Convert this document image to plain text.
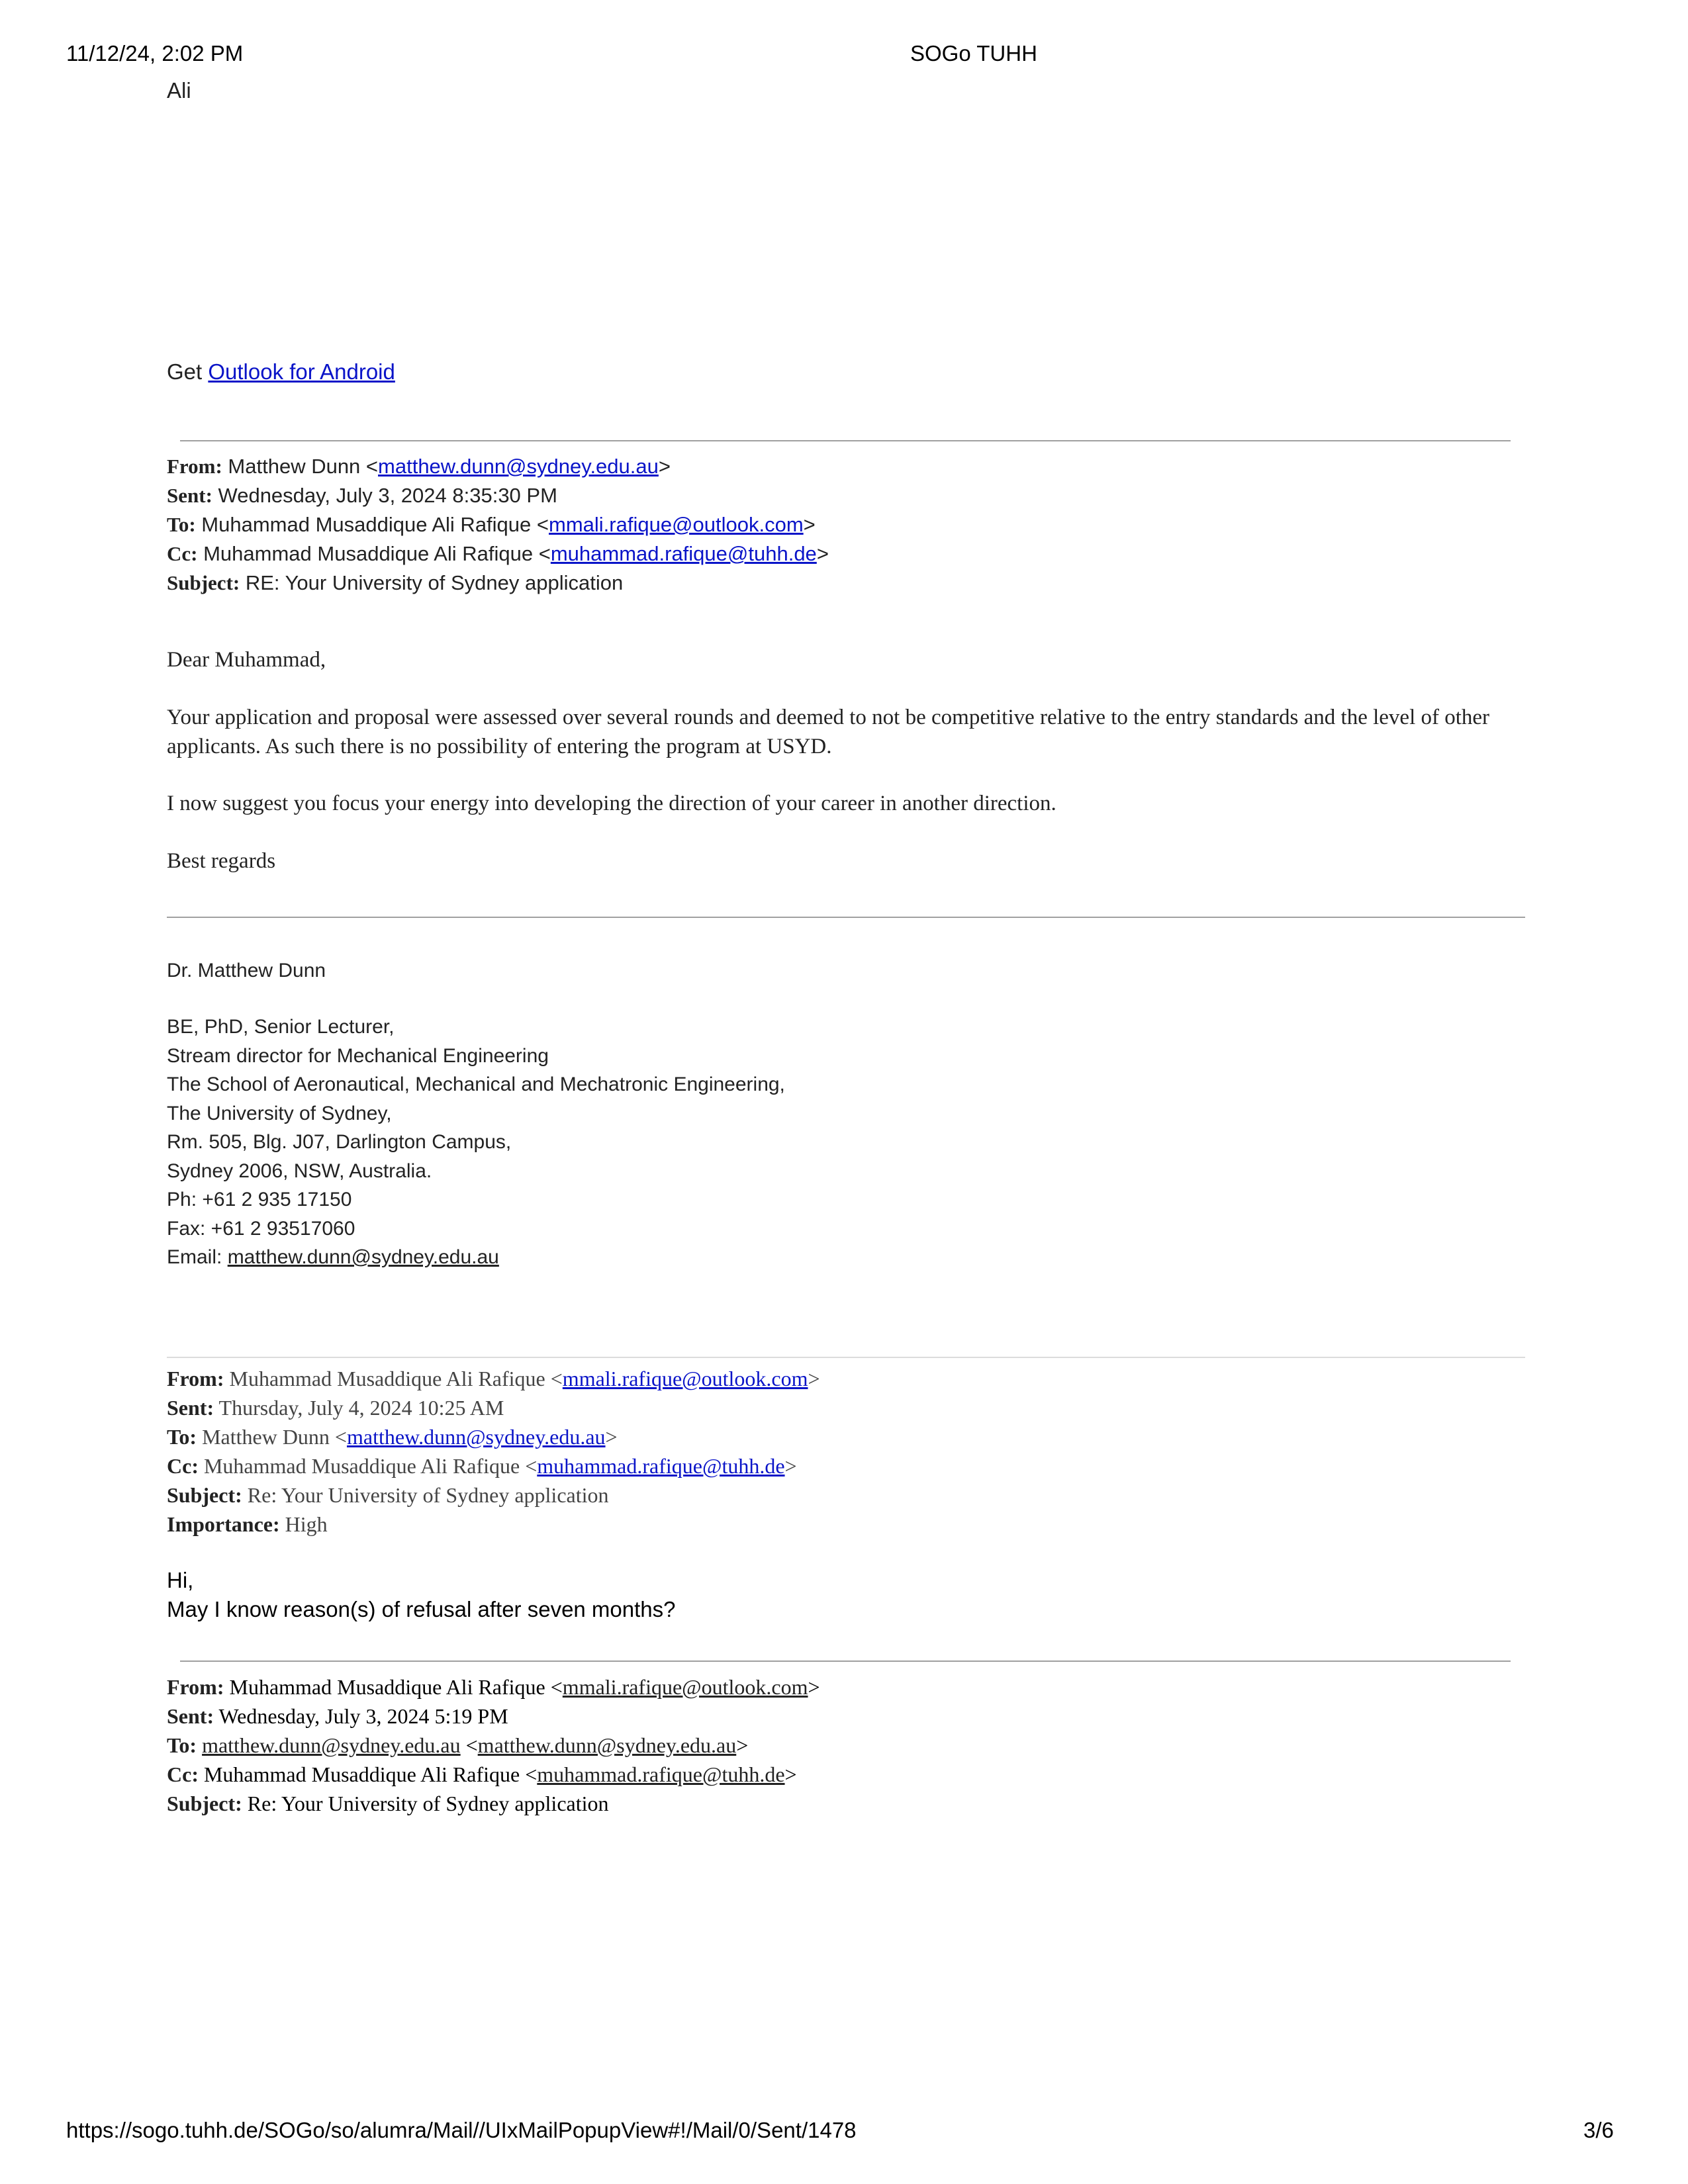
11/12/24, 2:02 PM	SOGo TUHH
Ali
Get Outlook for Android
From: Matthew Dunn <matthew.dunn@sydney.edu.au>
Sent: Wednesday, July 3, 2024 8:35:30 PM
To: Muhammad Musaddique Ali Rafique <mmali.rafique@outlook.com>
Cc: Muhammad Musaddique Ali Rafique <muhammad.rafique@tuhh.de>
Subject: RE: Your University of Sydney application
Dear Muhammad,
Your application and proposal were assessed over several rounds and deemed to not be competitive relative to the entry standards and the level of other applicants. As such there is no possibility of entering the program at USYD.
I now suggest you focus your energy into developing the direction of your career in another direction.
Best regards
Dr. Matthew Dunn
BE, PhD, Senior Lecturer,
Stream director for Mechanical Engineering
The School of Aeronautical, Mechanical and Mechatronic Engineering,
The University of Sydney,
Rm. 505, Blg. J07, Darlington Campus,
Sydney 2006, NSW, Australia.
Ph: +61 2 935 17150
Fax: +61 2 93517060
Email: matthew.dunn@sydney.edu.au
From: Muhammad Musaddique Ali Rafique <mmali.rafique@outlook.com>
Sent: Thursday, July 4, 2024 10:25 AM
To: Matthew Dunn <matthew.dunn@sydney.edu.au>
Cc: Muhammad Musaddique Ali Rafique <muhammad.rafique@tuhh.de>
Subject: Re: Your University of Sydney application
Importance: High
Hi,
May I know reason(s) of refusal after seven months?
From: Muhammad Musaddique Ali Rafique <mmali.rafique@outlook.com>
Sent: Wednesday, July 3, 2024 5:19 PM
To: matthew.dunn@sydney.edu.au <matthew.dunn@sydney.edu.au>
Cc: Muhammad Musaddique Ali Rafique <muhammad.rafique@tuhh.de>
Subject: Re: Your University of Sydney application
https://sogo.tuhh.de/SOGo/so/alumra/Mail//UIxMailPopupView#!/Mail/0/Sent/1478	3/6
